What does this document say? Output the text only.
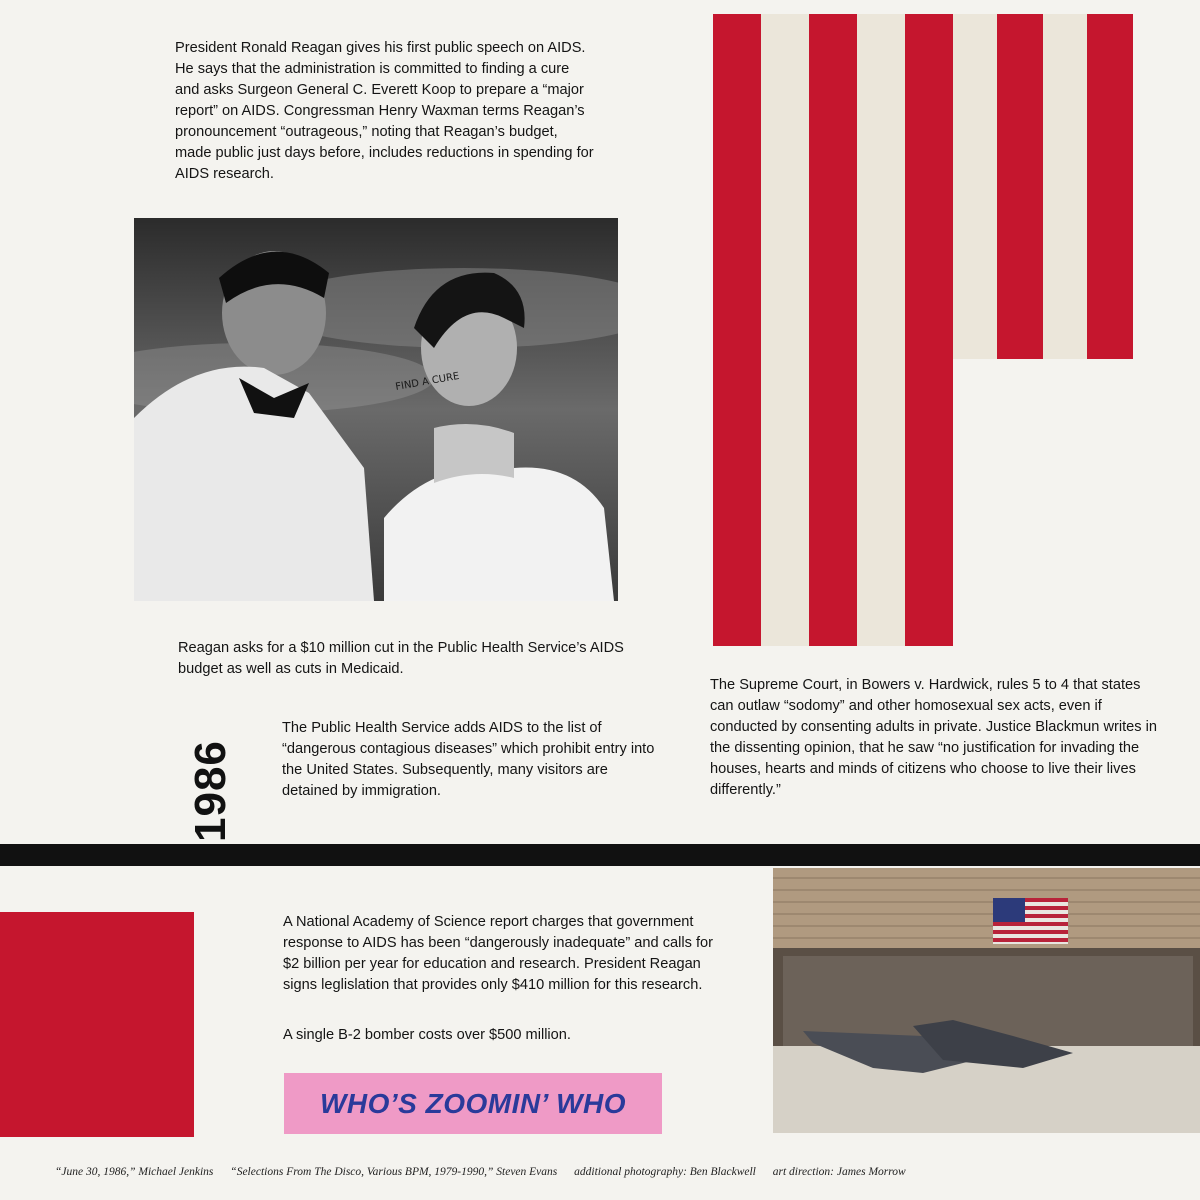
President Ronald Reagan gives his first public speech on AIDS. He says that the administration is committed to finding a cure and asks Surgeon General C. Everett Koop to prepare a “major report” on AIDS. Congressman Henry Waxman terms Reagan’s pronouncement “outrageous,” noting that Reagan’s budget, made public just days before, includes reductions in spending for AIDS research.
FIND A CURE
Reagan asks for a $10 million cut in the Public Health Service’s AIDS budget as well as cuts in Medicaid.
The Public Health Service adds AIDS to the list of “dangerous contagious diseases” which prohibit entry into the United States. Subsequently, many visitors are detained by immigration.
The Supreme Court, in Bowers v. Hardwick, rules 5 to 4 that states can outlaw “sodomy” and other homosexual sex acts, even if conducted by consenting adults in private. Justice Blackmun writes in the dissenting opinion, that he saw “no justification for invading the houses, hearts and minds of citizens who choose to live their lives differently.”
1986
A National Academy of Science report charges that government response to AIDS has been “dangerously inadequate” and calls for $2 billion per year for education and research. President Reagan signs leglislation that provides only $410 million for this research.
A single B-2 bomber costs over $500 million.
WHO’S ZOOMIN’ WHO
“June 30, 1986,” Michael Jenkins “Selections From The Disco, Various BPM, 1979-1990,” Steven Evans additional photography: Ben Blackwell art direction: James Morrow
